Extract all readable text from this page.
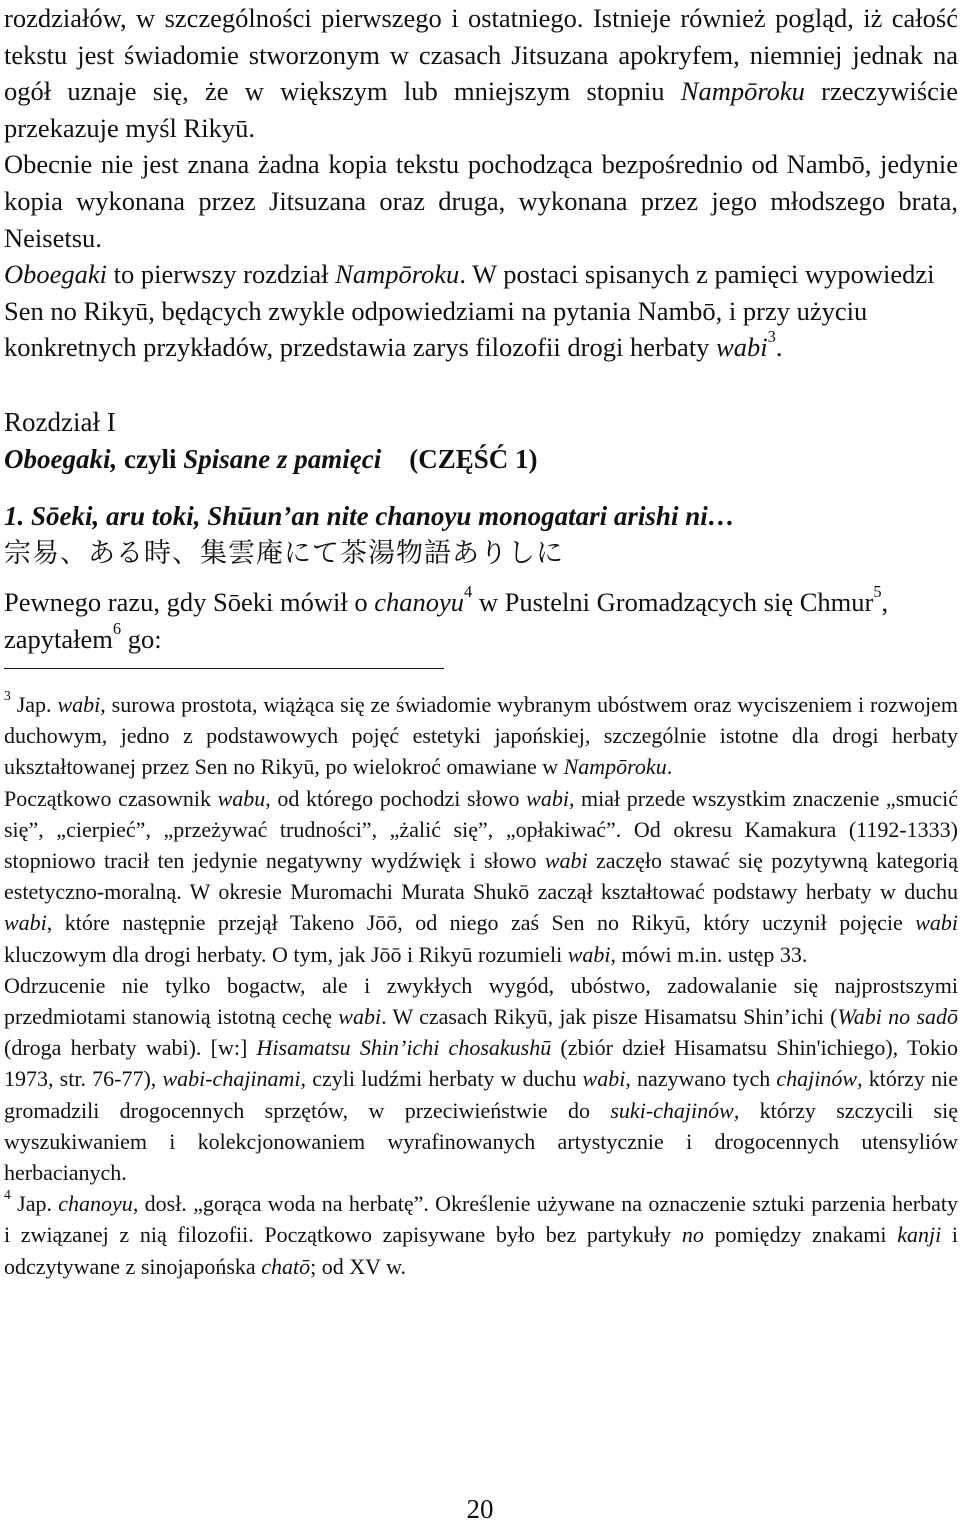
rozdziałów, w szczególności pierwszego i ostatniego. Istnieje również pogląd, iż całość tekstu jest świadomie stworzonym w czasach Jitsuzana apokryfem, niemniej jednak na ogół uznaje się, że w większym lub mniejszym stopniu Nampōroku rzeczywiście przekazuje myśl Rikyū.

Obecnie nie jest znana żadna kopia tekstu pochodząca bezpośrednio od Nambō, jedynie kopia wykonana przez Jitsuzana oraz druga, wykonana przez jego młodszego brata, Neisetsu.

Oboegaki to pierwszy rozdział Nampōroku. W postaci spisanych z pamięci wypowiedzi Sen no Rikyū, będących zwykle odpowiedziami na pytania Nambō, i przy użyciu konkretnych przykładów, przedstawia zarys filozofii drogi herbaty wabi$^3$.

Rozdział I
Oboegaki, czyli Spisane z pamięci (CZĘŚĆ 1)
1. Sōeki, aru toki, Shūun’an nite chanoyu monogatari arishi ni…
宗易、ある時、集雲庵にて茶湯物語ありしに
Pewnego razu, gdy Sōeki mówił o chanoyu$^4$ w Pustelni Gromadzących się Chmur$^5$, zapytałem$^6$ go:

$^3$ Jap. wabi, surowa prostota, wiążąca się ze świadomie wybranym ubóstwem oraz wyciszeniem i rozwojem duchowym, jedno z podstawowych pojęć estetyki japońskiej, szczególnie istotne dla drogi herbaty ukształtowanej przez Sen no Rikyū, po wielokroć omawiane w Nampōroku.

Początkowo czasownik wabu, od którego pochodzi słowo wabi, miał przede wszystkim znaczenie „smucić się”, „cierpieć”, „przeżywać trudności”, „żalić się”, „opłakiwać”. Od okresu Kamakura (1192-1333) stopniowo tracił ten jedynie negatywny wydźwięk i słowo wabi zaczęło stawać się pozytywną kategorią estetyczno-moralną. W okresie Muromachi Murata Shukō zaczął kształtować podstawy herbaty w duchu wabi, które następnie przejął Takeno Jōō, od niego zaś Sen no Rikyū, który uczynił pojęcie wabi kluczowym dla drogi herbaty. O tym, jak Jōō i Rikyū rozumieli wabi, mówi m.in. ustęp 33.

Odrzucenie nie tylko bogactw, ale i zwykłych wygód, ubóstwo, zadowalanie się najprostszymi przedmiotami stanowią istotną cechę wabi. W czasach Rikyū, jak pisze Hisamatsu Shin’ichi (Wabi no sadō (droga herbaty wabi). [w:] Hisamatsu Shin’ichi chosakushū (zbiór dzieł Hisamatsu Shin'ichiego), Tokio 1973, str. 76-77), wabi-chajinami, czyli ludźmi herbaty w duchu wabi, nazywano tych chajinów, którzy nie gromadzili drogocennych sprzętów, w przeciwieństwie do suki-chajinów, którzy szczycili się wyszukiwaniem i kolekcjonowaniem wyrafinowanych artystycznie i drogocennych utensyliów herbacianych.

$^4$ Jap. chanoyu, dosł. „gorąca woda na herbatę”. Określenie używane na oznaczenie sztuki parzenia herbaty i związanej z nią filozofii. Początkowo zapisywane było bez partykuły no pomiędzy znakami kanji i odczytywane z sinojapońska chatō; od XV w.

20
